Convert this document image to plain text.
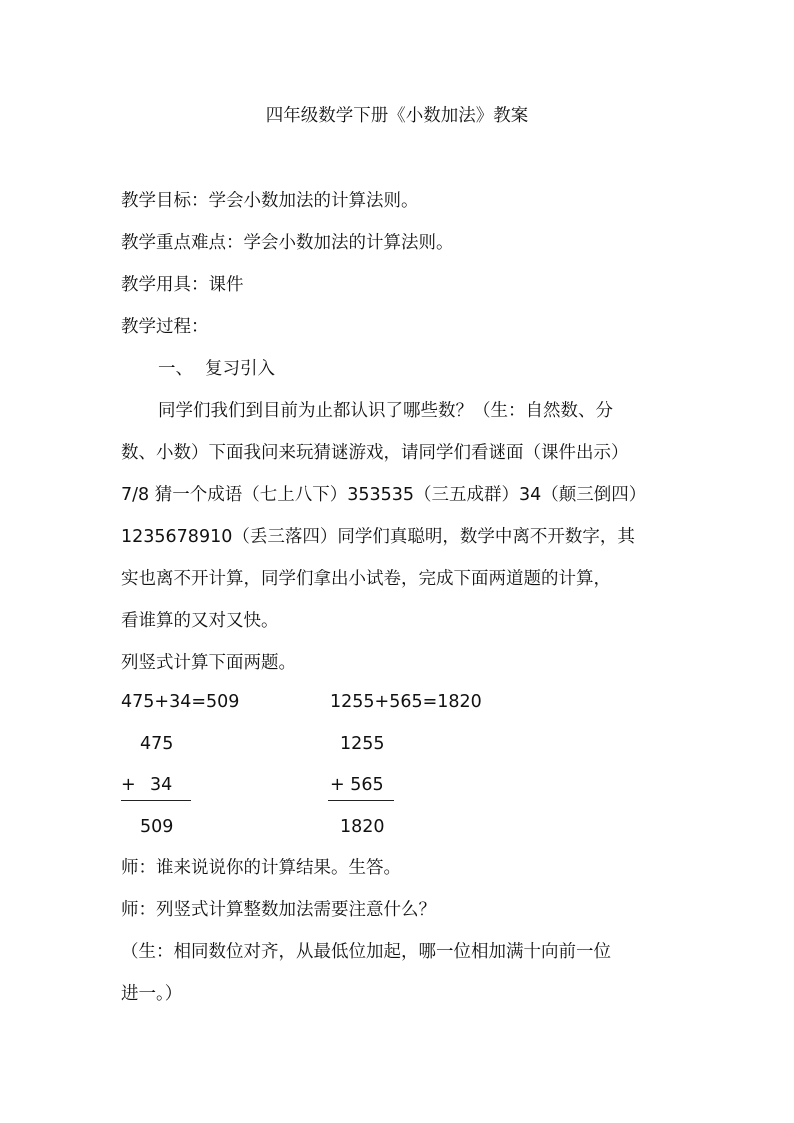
四年级数学下册《小数加法》教案
教学目标：学会小数加法的计算法则。
教学重点难点：学会小数加法的计算法则。
教学用具：课件
教学过程：
一、 复习引入
同学们我们到目前为止都认识了哪些数？（生：自然数、分
数、小数）下面我问来玩猜谜游戏，请同学们看谜面（课件出示）
7/8 猜一个成语（七上八下）353535（三五成群）34（颠三倒四）
1235678910（丢三落四）同学们真聪明，数学中离不开数字，其
实也离不开计算，同学们拿出小试卷，完成下面两道题的计算，
看谁算的又对又快。
列竖式计算下面两题。
475+34=509	1255+565=1820
475
+ 34
509
1255
+ 565
1820
师：谁来说说你的计算结果。生答。
师：列竖式计算整数加法需要注意什么？
（生：相同数位对齐，从最低位加起，哪一位相加满十向前一位
进一。）
